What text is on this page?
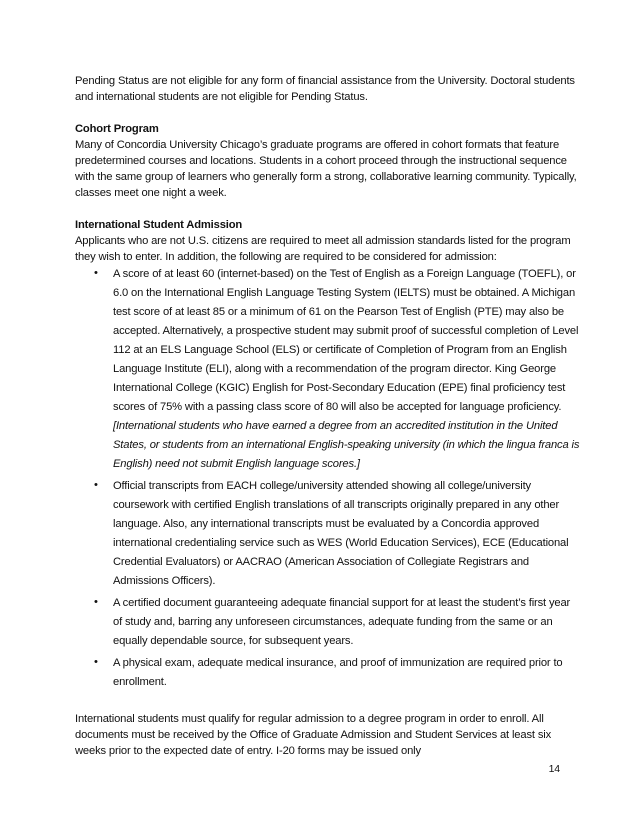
Pending Status are not eligible for any form of financial assistance from the University. Doctoral students and international students are not eligible for Pending Status.

Cohort Program

Many of Concordia University Chicago’s graduate programs are offered in cohort formats that feature predetermined courses and locations. Students in a cohort proceed through the instructional sequence with the same group of learners who generally form a strong, collaborative learning community. Typically, classes meet one night a week.

International Student Admission

Applicants who are not U.S. citizens are required to meet all admission standards listed for the program they wish to enter. In addition, the following are required to be considered for admission:

• A score of at least 60 (internet-based) on the Test of English as a Foreign Language (TOEFL), or 6.0 on the International English Language Testing System (IELTS) must be obtained. A Michigan test score of at least 85 or a minimum of 61 on the Pearson Test of English (PTE) may also be accepted. Alternatively, a prospective student may submit proof of successful completion of Level 112 at an ELS Language School (ELS) or certificate of Completion of Program from an English Language Institute (ELI), along with a recommendation of the program director. King George International College (KGIC) English for Post-Secondary Education (EPE) final proficiency test scores of 75% with a passing class score of 80 will also be accepted for language proficiency. [International students who have earned a degree from an accredited institution in the United States, or students from an international English-speaking university (in which the lingua franca is English) need not submit English language scores.]

• Official transcripts from EACH college/university attended showing all college/university coursework with certified English translations of all transcripts originally prepared in any other language. Also, any international transcripts must be evaluated by a Concordia approved international credentialing service such as WES (World Education Services), ECE (Educational Credential Evaluators) or AACRAO (American Association of Collegiate Registrars and Admissions Officers).

• A certified document guaranteeing adequate financial support for at least the student’s first year of study and, barring any unforeseen circumstances, adequate funding from the same or an equally dependable source, for subsequent years.

• A physical exam, adequate medical insurance, and proof of immunization are required prior to enrollment.

International students must qualify for regular admission to a degree program in order to enroll. All documents must be received by the Office of Graduate Admission and Student Services at least six weeks prior to the expected date of entry. I-20 forms may be issued only

14
